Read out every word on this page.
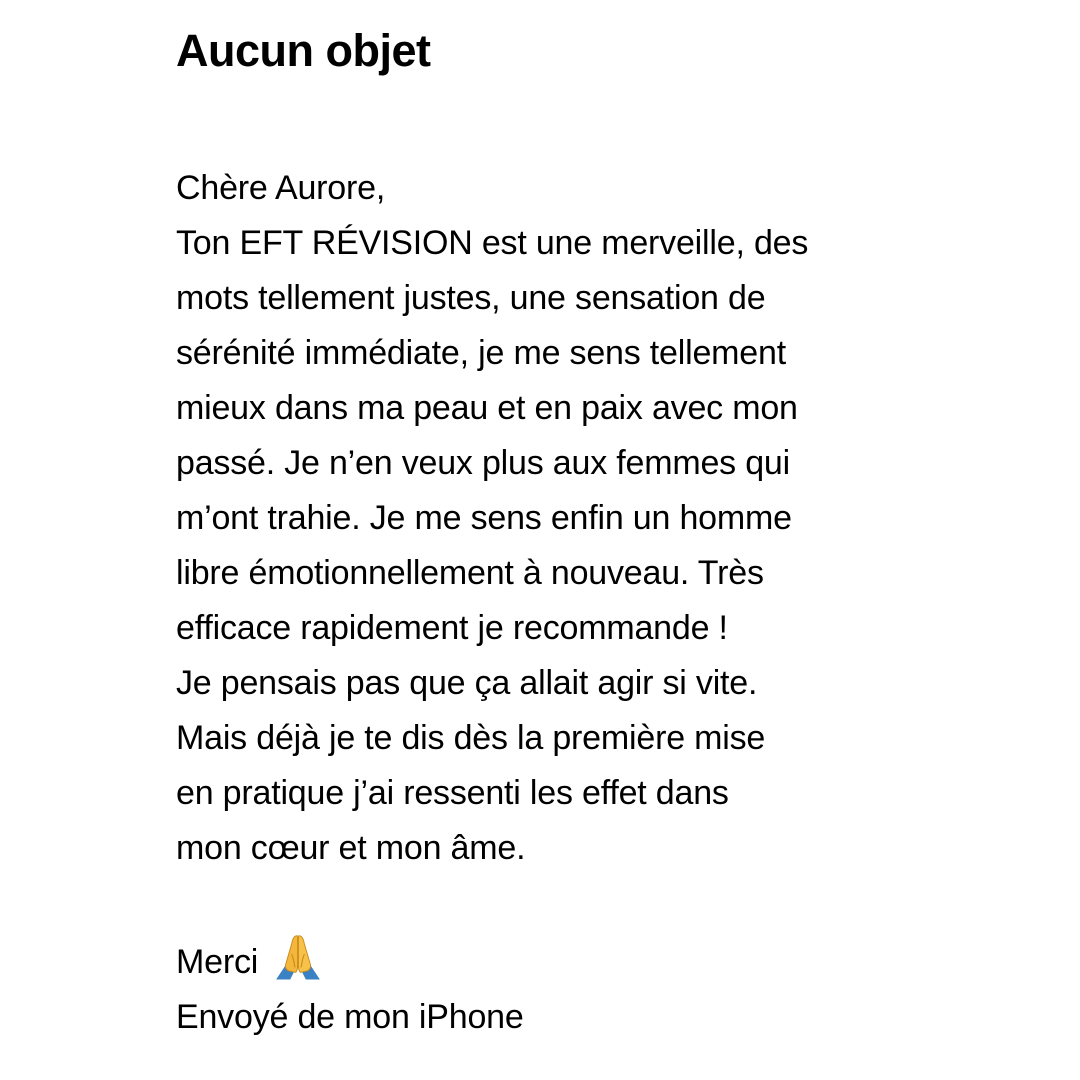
Aucun objet
Chère Aurore,
Ton EFT RÉVISION est une merveille, des
mots tellement justes, une sensation de
sérénité immédiate, je me sens tellement
mieux dans ma peau et en paix avec mon
passé. Je n’en veux plus aux femmes qui
m’ont trahie. Je me sens enfin un homme
libre émotionnellement à nouveau. Très
efficace rapidement je recommande !
Je pensais pas que ça allait agir si vite.
Mais déjà je te dis dès la première mise
en pratique j’ai ressenti les effet dans
mon cœur et mon âme.
Merci
Envoyé de mon iPhone
